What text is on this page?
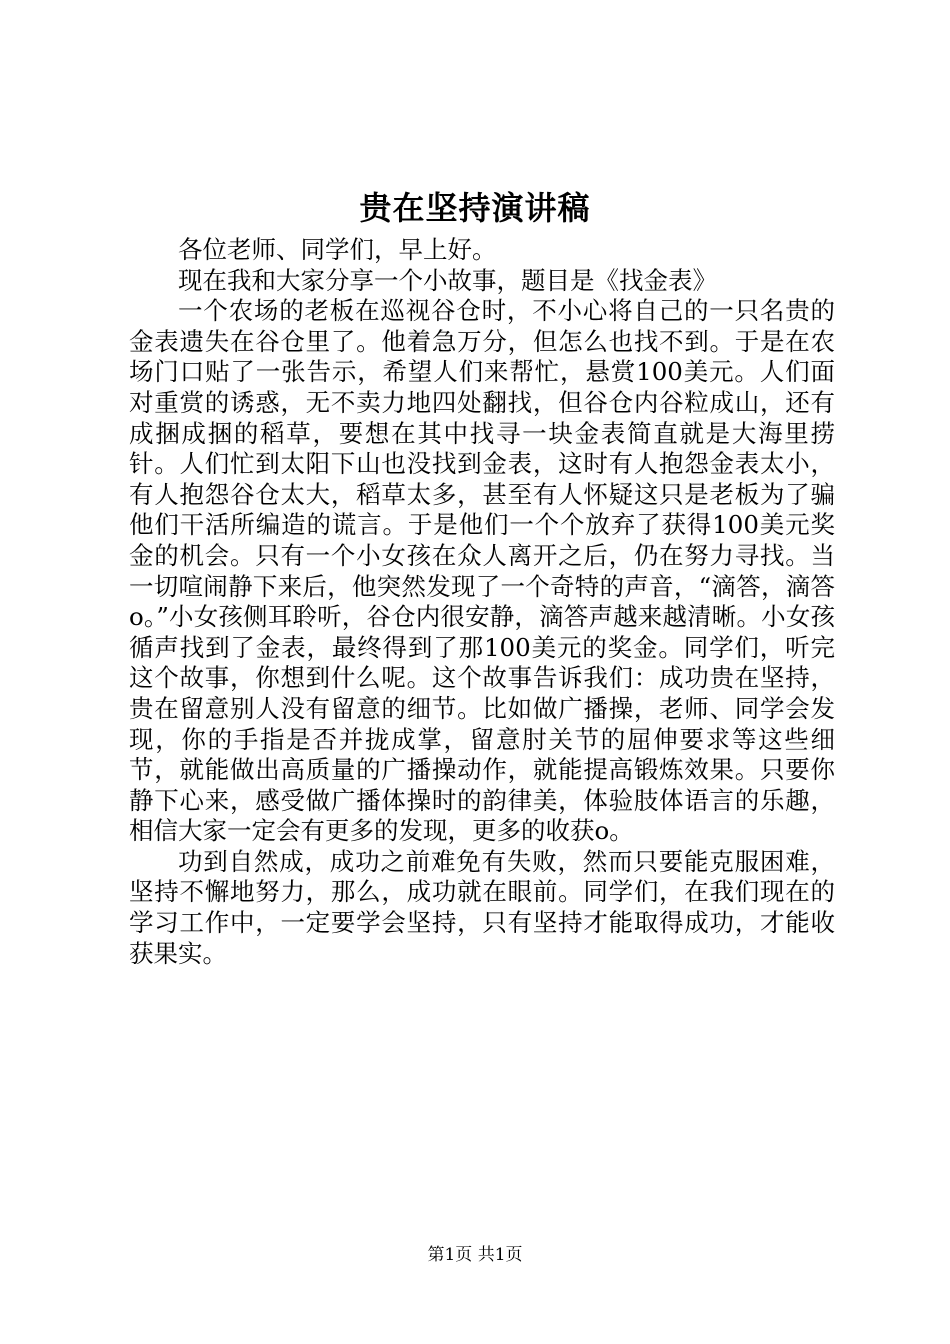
贵在坚持演讲稿

各位老师、同学们，早上好。

现在我和大家分享一个小故事，题目是《找金表》

一个农场的老板在巡视谷仓时，不小心将自己的一只名贵的金表遗失在谷仓里了。他着急万分，但怎么也找不到。于是在农场门口贴了一张告示，希望人们来帮忙，悬赏100美元。人们面对重赏的诱惑，无不卖力地四处翻找，但谷仓内谷粒成山，还有成捆成捆的稻草，要想在其中找寻一块金表简直就是大海里捞针。人们忙到太阳下山也没找到金表，这时有人抱怨金表太小，有人抱怨谷仓太大，稻草太多，甚至有人怀疑这只是老板为了骗他们干活所编造的谎言。于是他们一个个放弃了获得100美元奖金的机会。只有一个小女孩在众人离开之后，仍在努力寻找。当一切喧闹静下来后，他突然发现了一个奇特的声音，“滴答，滴答o。”小女孩侧耳聆听，谷仓内很安静，滴答声越来越清晰。小女孩循声找到了金表，最终得到了那100美元的奖金。同学们，听完这个故事，你想到什么呢。这个故事告诉我们：成功贵在坚持，贵在留意别人没有留意的细节。比如做广播操，老师、同学会发现，你的手指是否并拢成掌，留意肘关节的屈伸要求等这些细节，就能做出高质量的广播操动作，就能提高锻炼效果。只要你静下心来，感受做广播体操时的韵律美，体验肢体语言的乐趣，相信大家一定会有更多的发现，更多的收获o。

功到自然成，成功之前难免有失败，然而只要能克服困难，坚持不懈地努力，那么，成功就在眼前。同学们，在我们现在的学习工作中，一定要学会坚持，只有坚持才能取得成功，才能收获果实。

第1页 共1页
